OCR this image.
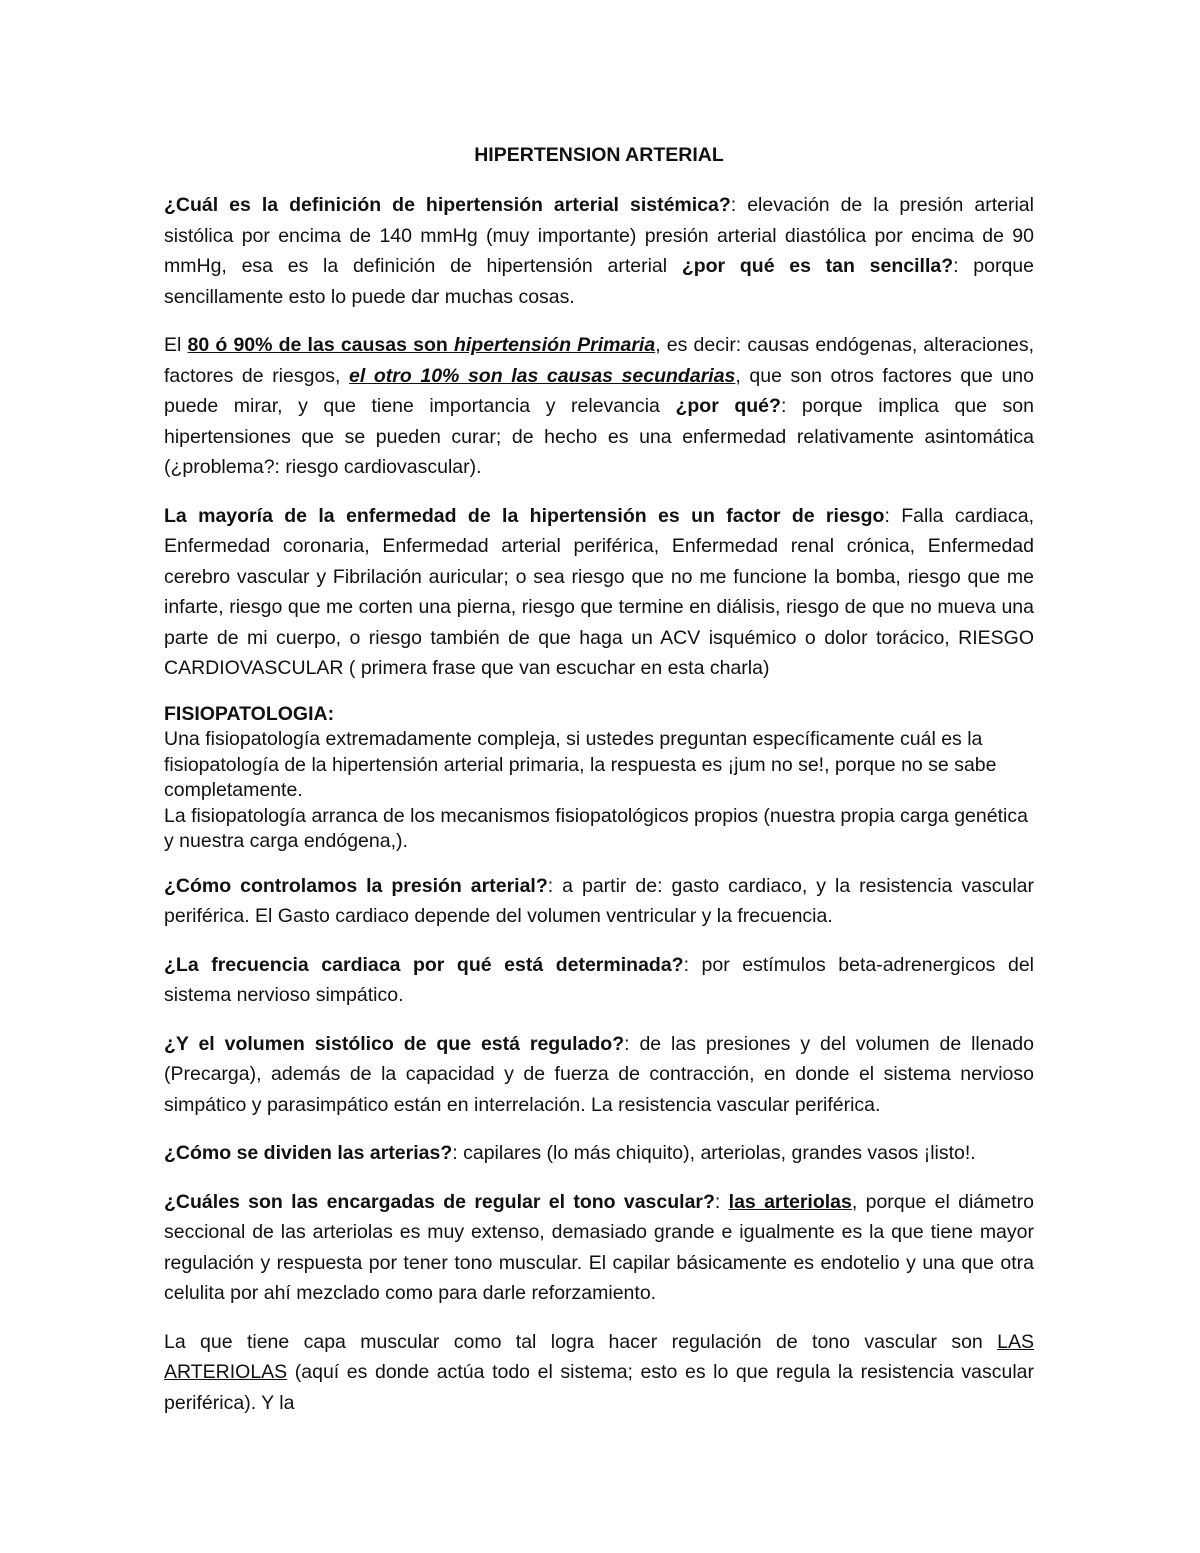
HIPERTENSION ARTERIAL

¿Cuál es la definición de hipertensión arterial sistémica?: elevación de la presión arterial sistólica por encima de 140 mmHg (muy importante) presión arterial diastólica por encima de 90 mmHg, esa es la definición de hipertensión arterial ¿por qué es tan sencilla?: porque sencillamente esto lo puede dar muchas cosas.

El 80 ó 90% de las causas son hipertensión Primaria, es decir: causas endógenas, alteraciones, factores de riesgos, el otro 10% son las causas secundarias, que son otros factores que uno puede mirar, y que tiene importancia y relevancia ¿por qué?: porque implica que son hipertensiones que se pueden curar; de hecho es una enfermedad relativamente asintomática (¿problema?: riesgo cardiovascular).

La mayoría de la enfermedad de la hipertensión es un factor de riesgo: Falla cardiaca, Enfermedad coronaria, Enfermedad arterial periférica, Enfermedad renal crónica, Enfermedad cerebro vascular y Fibrilación auricular; o sea riesgo que no me funcione la bomba, riesgo que me infarte, riesgo que me corten una pierna, riesgo que termine en diálisis, riesgo de que no mueva una parte de mi cuerpo, o riesgo también de que haga un ACV isquémico o dolor torácico, RIESGO CARDIOVASCULAR ( primera frase que van escuchar en esta charla)

FISIOPATOLOGIA:
Una fisiopatología extremadamente compleja, si ustedes preguntan específicamente cuál es la fisiopatología de la hipertensión arterial primaria, la respuesta es ¡jum no se!, porque no se sabe completamente.
La fisiopatología arranca de los mecanismos fisiopatológicos propios (nuestra propia carga genética y nuestra carga endógena,).

¿Cómo controlamos la presión arterial?: a partir de: gasto cardiaco, y la resistencia vascular periférica. El Gasto cardiaco depende del volumen ventricular y la frecuencia.

¿La frecuencia cardiaca por qué está determinada?: por estímulos beta-adrenergicos del sistema nervioso simpático.

¿Y el volumen sistólico de que está regulado?: de las presiones y del volumen de llenado (Precarga), además de la capacidad y de fuerza de contracción, en donde el sistema nervioso simpático y parasimpático están en interrelación. La resistencia vascular periférica.

¿Cómo se dividen las arterias?: capilares (lo más chiquito), arteriolas, grandes vasos ¡listo!.

¿Cuáles son las encargadas de regular el tono vascular?: las arteriolas, porque el diámetro seccional de las arteriolas es muy extenso, demasiado grande e igualmente es la que tiene mayor regulación y respuesta por tener tono muscular. El capilar básicamente es endotelio y una que otra celulita por ahí mezclado como para darle reforzamiento.

La que tiene capa muscular como tal logra hacer regulación de tono vascular son LAS ARTERIOLAS (aquí es donde actúa todo el sistema; esto es lo que regula la resistencia vascular periférica). Y la
